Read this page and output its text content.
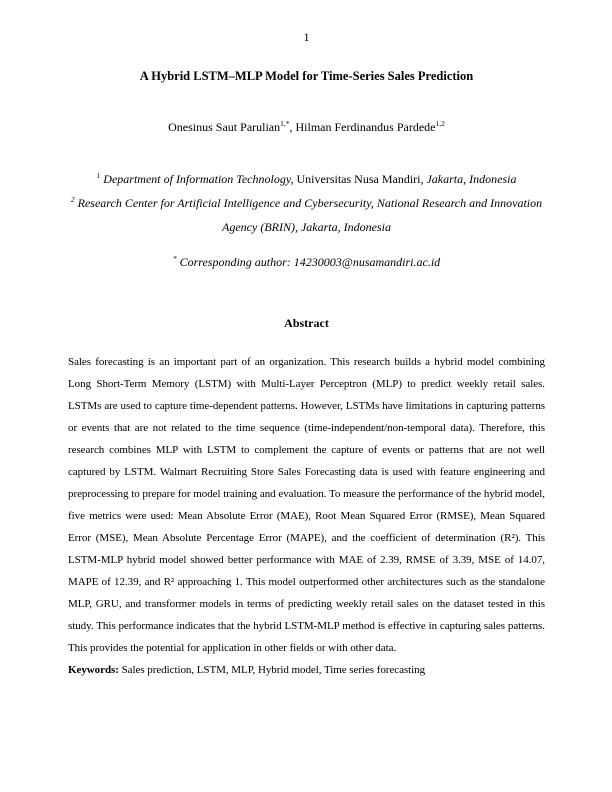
1
A Hybrid LSTM–MLP Model for Time-Series Sales Prediction
Onesinus Saut Parulian$^{1,*}$, Hilman Ferdinandus Pardede$^{1,2}$
$^1$ Department of Information Technology, Universitas Nusa Mandiri, Jakarta, Indonesia
$^2$ Research Center for Artificial Intelligence and Cybersecurity, National Research and Innovation Agency (BRIN), Jakarta, Indonesia
* Corresponding author: 14230003@nusamandiri.ac.id
Abstract
Sales forecasting is an important part of an organization. This research builds a hybrid model combining Long Short-Term Memory (LSTM) with Multi-Layer Perceptron (MLP) to predict weekly retail sales. LSTMs are used to capture time-dependent patterns. However, LSTMs have limitations in capturing patterns or events that are not related to the time sequence (time-independent/non-temporal data). Therefore, this research combines MLP with LSTM to complement the capture of events or patterns that are not well captured by LSTM. Walmart Recruiting Store Sales Forecasting data is used with feature engineering and preprocessing to prepare for model training and evaluation. To measure the performance of the hybrid model, five metrics were used: Mean Absolute Error (MAE), Root Mean Squared Error (RMSE), Mean Squared Error (MSE), Mean Absolute Percentage Error (MAPE), and the coefficient of determination (R²). This LSTM-MLP hybrid model showed better performance with MAE of 2.39, RMSE of 3.39, MSE of 14.07, MAPE of 12.39, and R² approaching 1. This model outperformed other architectures such as the standalone MLP, GRU, and transformer models in terms of predicting weekly retail sales on the dataset tested in this study. This performance indicates that the hybrid LSTM-MLP method is effective in capturing sales patterns. This provides the potential for application in other fields or with other data.
Keywords: Sales prediction, LSTM, MLP, Hybrid model, Time series forecasting
